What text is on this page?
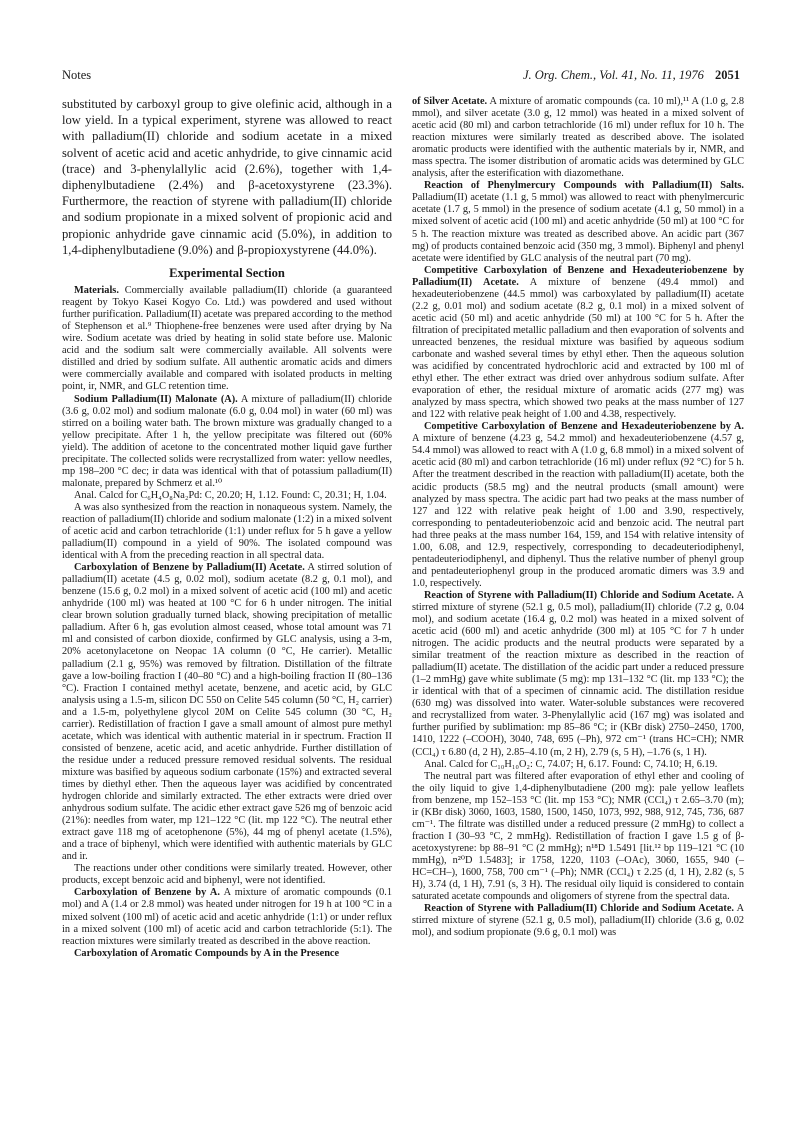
Notes	J. Org. Chem., Vol. 41, No. 11, 1976 2051

substituted by carboxyl group to give olefinic acid, although in a low yield. In a typical experiment, styrene was allowed to react with palladium(II) chloride and sodium acetate in a mixed solvent of acetic acid and acetic anhydride, to give cinnamic acid (trace) and 3-phenylallylic acid (2.6%), together with 1,4-diphenylbutadiene (2.4%) and β-acetoxystyrene (23.3%). Furthermore, the reaction of styrene with palladium(II) chloride and sodium propionate in a mixed solvent of propionic acid and propionic anhydride gave cinnamic acid (5.0%), in addition to 1,4-diphenylbutadiene (9.0%) and β-propioxystyrene (44.0%).

Experimental Section

Materials. Commercially available palladium(II) chloride (a guaranteed reagent by Tokyo Kasei Kogyo Co. Ltd.) was powdered and used without further purification. Palladium(II) acetate was prepared according to the method of Stephenson et al.⁹ Thiophene-free benzenes were used after drying by Na wire. Sodium acetate was dried by heating in solid state before use. Malonic acid and the sodium salt were commercially available. All solvents were distilled and dried by sodium sulfate. All authentic aromatic acids and dimers were commercially available and compared with isolated products in melting point, ir, NMR, and GLC retention time.

Sodium Palladium(II) Malonate (A). A mixture of palladium(II) chloride (3.6 g, 0.02 mol) and sodium malonate (6.0 g, 0.04 mol) in water (60 ml) was stirred on a boiling water bath. The brown mixture was gradually changed to a yellow precipitate. After 1 h, the yellow precipitate was filtered out (60% yield). The addition of acetone to the concentrated mother liquid gave further precipitate. The collected solids were recrystallized from water: yellow needles, mp 198–200 °C dec; ir data was identical with that of potassium palladium(II) malonate, prepared by Schmerz et al.¹⁰

Anal. Calcd for C₆H₄O₈Na₂Pd: C, 20.20; H, 1.12. Found: C, 20.31; H, 1.04.

A was also synthesized from the reaction in nonaqueous system. Namely, the reaction of palladium(II) chloride and sodium malonate (1:2) in a mixed solvent of acetic acid and carbon tetrachloride (1:1) under reflux for 5 h gave a yellow palladium(II) compound in a yield of 90%. The isolated compound was identical with A from the preceding reaction in all spectral data.

Carboxylation of Benzene by Palladium(II) Acetate. A stirred solution of palladium(II) acetate (4.5 g, 0.02 mol), sodium acetate (8.2 g, 0.1 mol), and benzene (15.6 g, 0.2 mol) in a mixed solvent of acetic acid (100 ml) and acetic anhydride (100 ml) was heated at 100 °C for 6 h under nitrogen. The initial clear brown solution gradually turned black, showing precipitation of metallic palladium. After 6 h, gas evolution almost ceased, whose total amount was 71 ml and consisted of carbon dioxide, confirmed by GLC analysis, using a 3-m, 20% acetonylacetone on Neopac 1A column (0 °C, He carrier). Metallic palladium (2.1 g, 95%) was removed by filtration. Distillation of the filtrate gave a low-boiling fraction I (40–80 °C) and a high-boiling fraction II (80–136 °C). Fraction I contained methyl acetate, benzene, and acetic acid, by GLC analysis using a 1.5-m, silicon DC 550 on Celite 545 column (50 °C, H₂ carrier) and a 1.5-m, polyethylene glycol 20M on Celite 545 column (30 °C, H₂ carrier). Redistillation of fraction I gave a small amount of almost pure methyl acetate, which was identical with authentic material in ir spectrum. Fraction II consisted of benzene, acetic acid, and acetic anhydride. Further distillation of the residue under a reduced pressure removed residual solvents. The residual mixture was basified by aqueous sodium carbonate (15%) and extracted several times by diethyl ether. Then the aqueous layer was acidified by concentrated hydrogen chloride and similarly extracted. The ether extracts were dried over anhydrous sodium sulfate. The acidic ether extract gave 526 mg of benzoic acid (21%): needles from water, mp 121–122 °C (lit. mp 122 °C). The neutral ether extract gave 118 mg of acetophenone (5%), 44 mg of phenyl acetate (1.5%), and a trace of biphenyl, which were identified with authentic materials by GLC and ir.

The reactions under other conditions were similarly treated. However, other products, except benzoic acid and biphenyl, were not identified.

Carboxylation of Benzene by A. A mixture of aromatic compounds (0.1 mol) and A (1.4 or 2.8 mmol) was heated under nitrogen for 19 h at 100 °C in a mixed solvent (100 ml) of acetic acid and acetic anhydride (1:1) or under reflux in a mixed solvent (100 ml) of acetic acid and carbon tetrachloride (5:1). The reaction mixtures were similarly treated as described in the above reaction.

Carboxylation of Aromatic Compounds by A in the Presence

of Silver Acetate. A mixture of aromatic compounds (ca. 10 ml),¹¹ A (1.0 g, 2.8 mmol), and silver acetate (3.0 g, 12 mmol) was heated in a mixed solvent of acetic acid (80 ml) and carbon tetrachloride (16 ml) under reflux for 10 h. The reaction mixtures were similarly treated as described above. The isolated aromatic products were identified with the authentic materials by ir, NMR, and mass spectra. The isomer distribution of aromatic acids was determined by GLC analysis, after the esterification with diazomethane.

Reaction of Phenylmercury Compounds with Palladium(II) Salts. Palladium(II) acetate (1.1 g, 5 mmol) was allowed to react with phenylmercuric acetate (1.7 g, 5 mmol) in the presence of sodium acetate (4.1 g, 50 mmol) in a mixed solvent of acetic acid (100 ml) and acetic anhydride (50 ml) at 100 °C for 5 h. The reaction mixture was treated as described above. An acidic part (367 mg) of products contained benzoic acid (350 mg, 3 mmol). Biphenyl and phenyl acetate were identified by GLC analysis of the neutral part (70 mg).

Competitive Carboxylation of Benzene and Hexadeuteriobenzene by Palladium(II) Acetate. A mixture of benzene (49.4 mmol) and hexadeuteriobenzene (44.5 mmol) was carboxylated by palladium(II) acetate (2.2 g, 0.01 mol) and sodium acetate (8.2 g, 0.1 mol) in a mixed solvent of acetic acid (50 ml) and acetic anhydride (50 ml) at 100 °C for 5 h. After the filtration of precipitated metallic palladium and then evaporation of solvents and unreacted benzenes, the residual mixture was basified by aqueous sodium carbonate and washed several times by ethyl ether. Then the aqueous solution was acidified by concentrated hydrochloric acid and extracted by 100 ml of ethyl ether. The ether extract was dried over anhydrous sodium sulfate. After evaporation of ether, the residual mixture of aromatic acids (277 mg) was analyzed by mass spectra, which showed two peaks at the mass number of 127 and 122 with relative peak height of 1.00 and 4.38, respectively.

Competitive Carboxylation of Benzene and Hexadeuteriobenzene by A. A mixture of benzene (4.23 g, 54.2 mmol) and hexadeuteriobenzene (4.57 g, 54.4 mmol) was allowed to react with A (1.0 g, 6.8 mmol) in a mixed solvent of acetic acid (80 ml) and carbon tetrachloride (16 ml) under reflux (92 °C) for 5 h. After the treatment described in the reaction with palladium(II) acetate, both the acidic products (58.5 mg) and the neutral products (small amount) were analyzed by mass spectra. The acidic part had two peaks at the mass number of 127 and 122 with relative peak height of 1.00 and 3.90, respectively, corresponding to pentadeuteriobenzoic acid and benzoic acid. The neutral part had three peaks at the mass number 164, 159, and 154 with relative intensity of 1.00, 6.08, and 12.9, respectively, corresponding to decadeuteriodiphenyl, pentadeuteriodiphenyl, and diphenyl. Thus the relative number of phenyl group and pentadeuteriophenyl group in the produced aromatic dimers was 3.9 and 1.0, respectively.

Reaction of Styrene with Palladium(II) Chloride and Sodium Acetate. A stirred mixture of styrene (52.1 g, 0.5 mol), palladium(II) chloride (7.2 g, 0.04 mol), and sodium acetate (16.4 g, 0.2 mol) was heated in a mixed solvent of acetic acid (600 ml) and acetic anhydride (300 ml) at 105 °C for 7 h under nitrogen. The acidic products and the neutral products were separated by a similar treatment of the reaction mixture as described in the reaction of palladium(II) acetate. The distillation of the acidic part under a reduced pressure (1–2 mmHg) gave white sublimate (5 mg): mp 131–132 °C (lit. mp 133 °C); the ir identical with that of a specimen of cinnamic acid. The distillation residue (630 mg) was dissolved into water. Water-soluble substances were recovered and recrystallized from water. 3-Phenylallylic acid (167 mg) was isolated and further purified by sublimation: mp 85–86 °C; ir (KBr disk) 2750–2450, 1700, 1410, 1222 (–COOH), 3040, 748, 695 (–Ph), 972 cm⁻¹ (trans HC=CH); NMR (CCl₄) τ 6.80 (d, 2 H), 2.85–4.10 (m, 2 H), 2.79 (s, 5 H), –1.76 (s, 1 H).

Anal. Calcd for C₁₀H₁₀O₂: C, 74.07; H, 6.17. Found: C, 74.10; H, 6.19.

The neutral part was filtered after evaporation of ethyl ether and cooling of the oily liquid to give 1,4-diphenylbutadiene (200 mg): pale yellow leaflets from benzene, mp 152–153 °C (lit. mp 153 °C); NMR (CCl₄) τ 2.65–3.70 (m); ir (KBr disk) 3060, 1603, 1580, 1500, 1450, 1073, 992, 988, 912, 745, 736, 687 cm⁻¹. The filtrate was distilled under a reduced pressure (2 mmHg) to collect a fraction I (30–93 °C, 2 mmHg). Redistillation of fraction I gave 1.5 g of β-acetoxystyrene: bp 88–91 °C (2 mmHg); n¹⁸D 1.5491 [lit.¹² bp 119–121 °C (10 mmHg), n²⁰D 1.5483]; ir 1758, 1220, 1103 (–OAc), 3060, 1655, 940 (–HC=CH–), 1600, 758, 700 cm⁻¹ (–Ph); NMR (CCl₄) τ 2.25 (d, 1 H), 2.82 (s, 5 H), 3.74 (d, 1 H), 7.91 (s, 3 H). The residual oily liquid is considered to contain saturated acetate compounds and oligomers of styrene from the spectral data.

Reaction of Styrene with Palladium(II) Chloride and Sodium Acetate. A stirred mixture of styrene (52.1 g, 0.5 mol), palladium(II) chloride (3.6 g, 0.02 mol), and sodium propionate (9.6 g, 0.1 mol) was
